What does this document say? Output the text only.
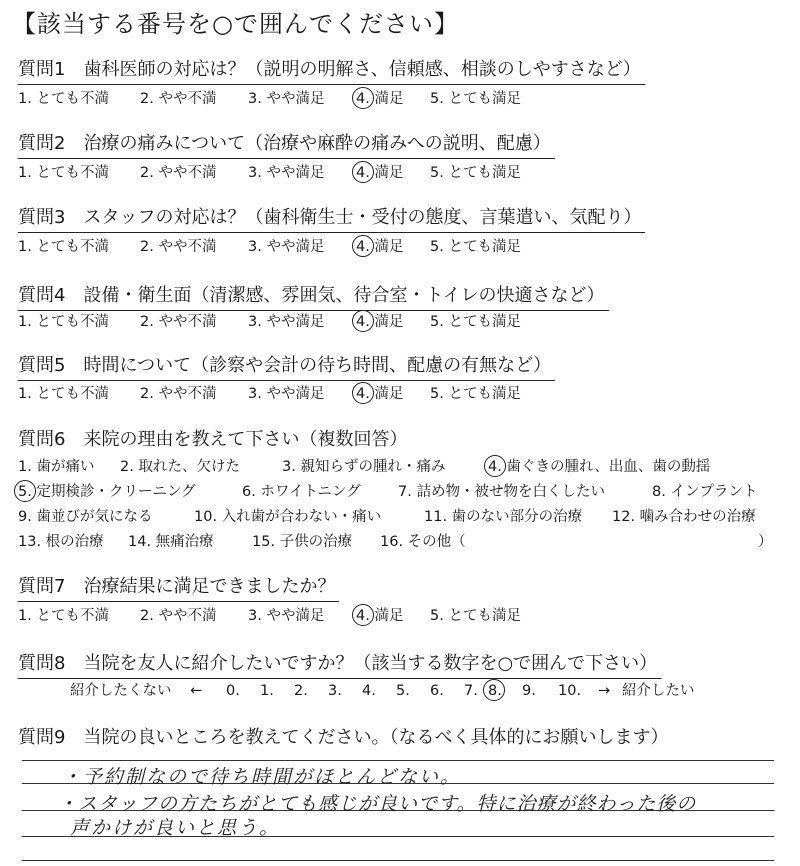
【該当する番号を○で囲んでください】
質問1　歯科医師の対応は？（説明の明解さ、信頼感、相談のしやすさなど）
1. とても不満 2. やや不満 3. やや満足 4. 満足 5. とても満足
質問2　治療の痛みについて（治療や麻酔の痛みへの説明、配慮）
1. とても不満 2. やや不満 3. やや満足 4. 満足 5. とても満足
質問3　スタッフの対応は？（歯科衛生士・受付の態度、言葉遣い、気配り）
1. とても不満 2. やや不満 3. やや満足 4. 満足 5. とても満足
質問4　設備・衛生面（清潔感、雰囲気、待合室・トイレの快適さなど）
1. とても不満 2. やや不満 3. やや満足 4. 満足 5. とても満足
質問5　時間について（診察や会計の待ち時間、配慮の有無など）
1. とても不満 2. やや不満 3. やや満足 4. 満足 5. とても満足
質問6　来院の理由を教えて下さい（複数回答）
1. 歯が痛い 2. 取れた、欠けた	3. 親知らずの腫れ・痛み	4. 歯ぐきの腫れ、出血、歯の動揺
5. 定期検診・クリーニング	6. ホワイトニング	7. 詰め物・被せ物を白くしたい	8. インプラント
9. 歯並びが気になる	10. 入れ歯が合わない・痛い	11. 歯のない部分の治療 12. 噛み合わせの治療
13. 根の治療 14. 無痛治療	15. 子供の治療 16. その他（	）
質問7　治療結果に満足できましたか？
1. とても不満 2. やや不満 3. やや満足 4. 満足 5. とても満足
質問8　当院を友人に紹介したいですか？（該当する数字を○で囲んで下さい）
紹介したくない ← 0. 1. 2. 3. 4. 5. 6. 7. 8. 9. 10. → 紹介したい
質問9　当院の良いところを教えてください。（なるべく具体的にお願いします）
・予約制なので待ち時間がほとんどない。
・スタッフの方たちがとても感じが良いです。特に治療が終わった後の
声かけが良いと思う。
